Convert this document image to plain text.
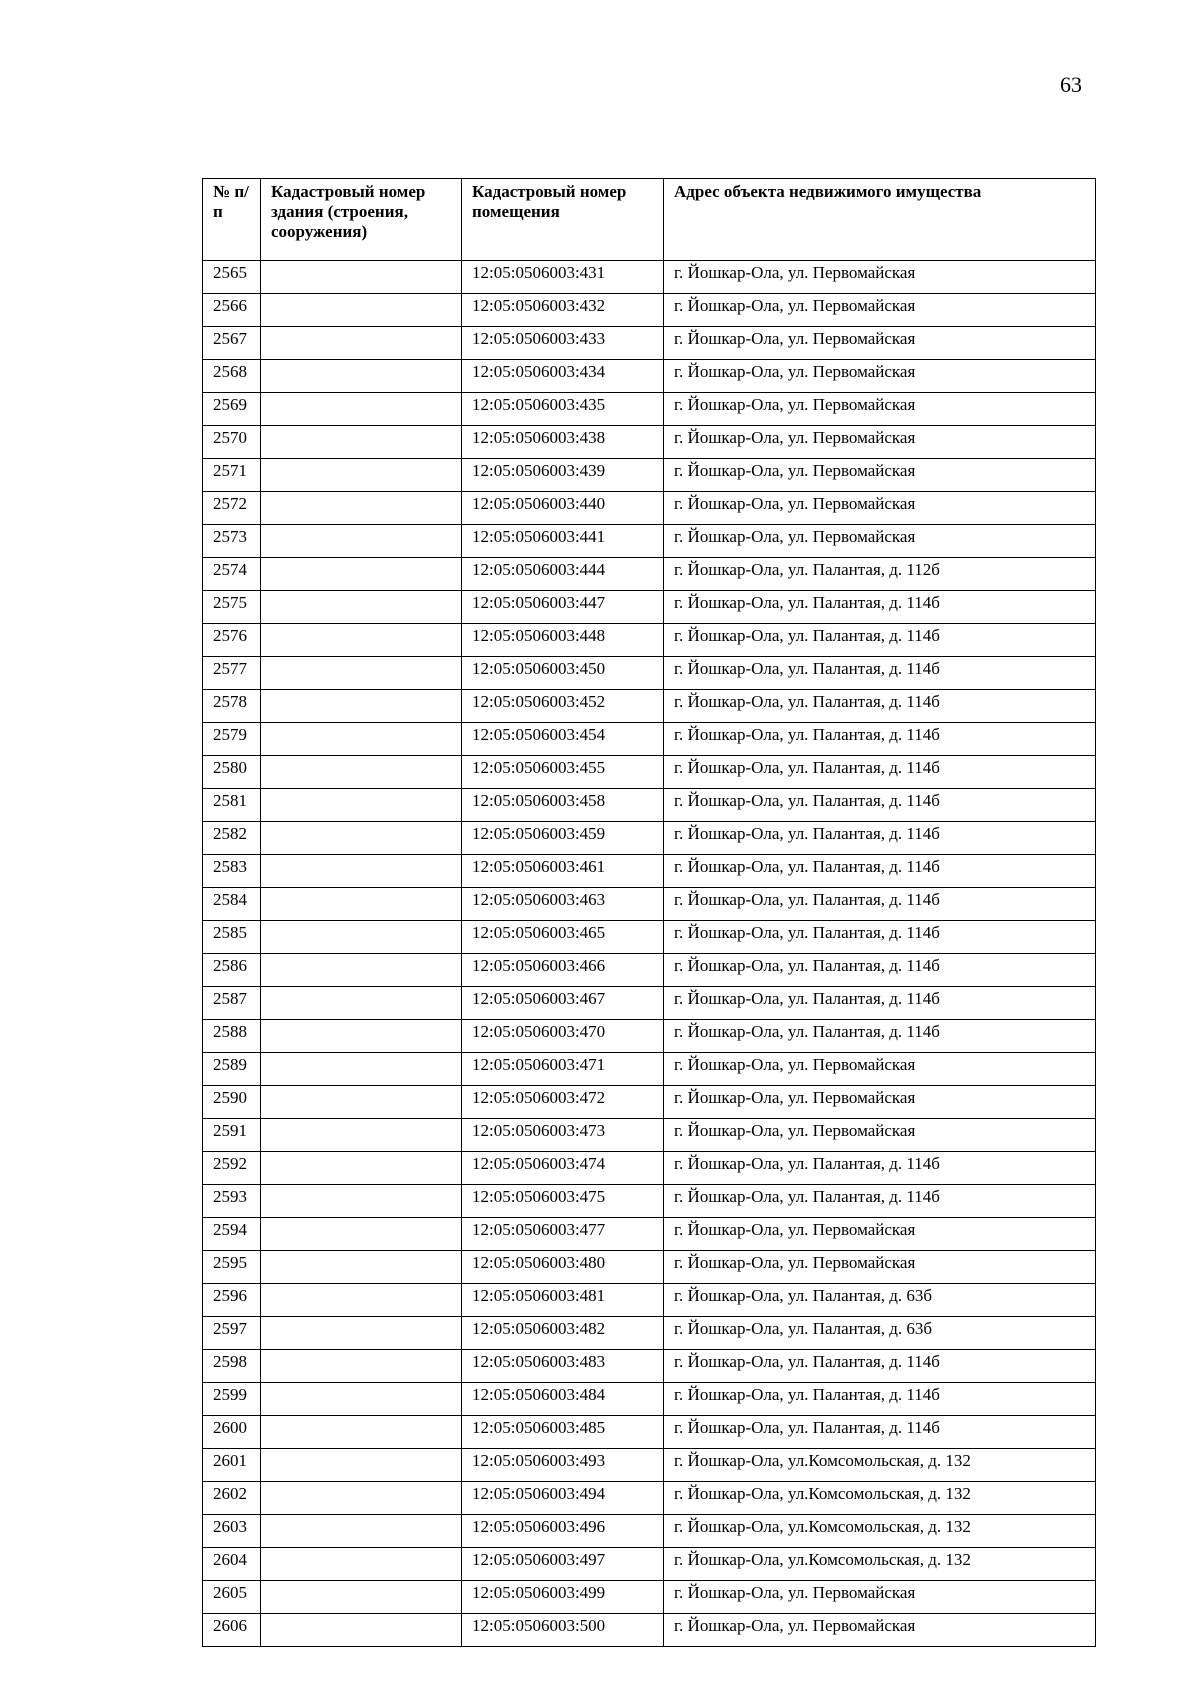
63
№ п/п	Кадастровый номер здания (строения, сооружения)	Кадастровый номер помещения	Адрес объекта недвижимого имущества
2565		12:05:0506003:431	г. Йошкар-Ола, ул. Первомайская
2566		12:05:0506003:432	г. Йошкар-Ола, ул. Первомайская
2567		12:05:0506003:433	г. Йошкар-Ола, ул. Первомайская
2568		12:05:0506003:434	г. Йошкар-Ола, ул. Первомайская
2569		12:05:0506003:435	г. Йошкар-Ола, ул. Первомайская
2570		12:05:0506003:438	г. Йошкар-Ола, ул. Первомайская
2571		12:05:0506003:439	г. Йошкар-Ола, ул. Первомайская
2572		12:05:0506003:440	г. Йошкар-Ола, ул. Первомайская
2573		12:05:0506003:441	г. Йошкар-Ола, ул. Первомайская
2574		12:05:0506003:444	г. Йошкар-Ола, ул. Палантая, д. 112б
2575		12:05:0506003:447	г. Йошкар-Ола, ул. Палантая, д. 114б
2576		12:05:0506003:448	г. Йошкар-Ола, ул. Палантая, д. 114б
2577		12:05:0506003:450	г. Йошкар-Ола, ул. Палантая, д. 114б
2578		12:05:0506003:452	г. Йошкар-Ола, ул. Палантая, д. 114б
2579		12:05:0506003:454	г. Йошкар-Ола, ул. Палантая, д. 114б
2580		12:05:0506003:455	г. Йошкар-Ола, ул. Палантая, д. 114б
2581		12:05:0506003:458	г. Йошкар-Ола, ул. Палантая, д. 114б
2582		12:05:0506003:459	г. Йошкар-Ола, ул. Палантая, д. 114б
2583		12:05:0506003:461	г. Йошкар-Ола, ул. Палантая, д. 114б
2584		12:05:0506003:463	г. Йошкар-Ола, ул. Палантая, д. 114б
2585		12:05:0506003:465	г. Йошкар-Ола, ул. Палантая, д. 114б
2586		12:05:0506003:466	г. Йошкар-Ола, ул. Палантая, д. 114б
2587		12:05:0506003:467	г. Йошкар-Ола, ул. Палантая, д. 114б
2588		12:05:0506003:470	г. Йошкар-Ола, ул. Палантая, д. 114б
2589		12:05:0506003:471	г. Йошкар-Ола, ул. Первомайская
2590		12:05:0506003:472	г. Йошкар-Ола, ул. Первомайская
2591		12:05:0506003:473	г. Йошкар-Ола, ул. Первомайская
2592		12:05:0506003:474	г. Йошкар-Ола, ул. Палантая, д. 114б
2593		12:05:0506003:475	г. Йошкар-Ола, ул. Палантая, д. 114б
2594		12:05:0506003:477	г. Йошкар-Ола, ул. Первомайская
2595		12:05:0506003:480	г. Йошкар-Ола, ул. Первомайская
2596		12:05:0506003:481	г. Йошкар-Ола, ул. Палантая, д. 63б
2597		12:05:0506003:482	г. Йошкар-Ола, ул. Палантая, д. 63б
2598		12:05:0506003:483	г. Йошкар-Ола, ул. Палантая, д. 114б
2599		12:05:0506003:484	г. Йошкар-Ола, ул. Палантая, д. 114б
2600		12:05:0506003:485	г. Йошкар-Ола, ул. Палантая, д. 114б
2601		12:05:0506003:493	г. Йошкар-Ола, ул.Комсомольская, д. 132
2602		12:05:0506003:494	г. Йошкар-Ола, ул.Комсомольская, д. 132
2603		12:05:0506003:496	г. Йошкар-Ола, ул.Комсомольская, д. 132
2604		12:05:0506003:497	г. Йошкар-Ола, ул.Комсомольская, д. 132
2605		12:05:0506003:499	г. Йошкар-Ола, ул. Первомайская
2606		12:05:0506003:500	г. Йошкар-Ола, ул. Первомайская
